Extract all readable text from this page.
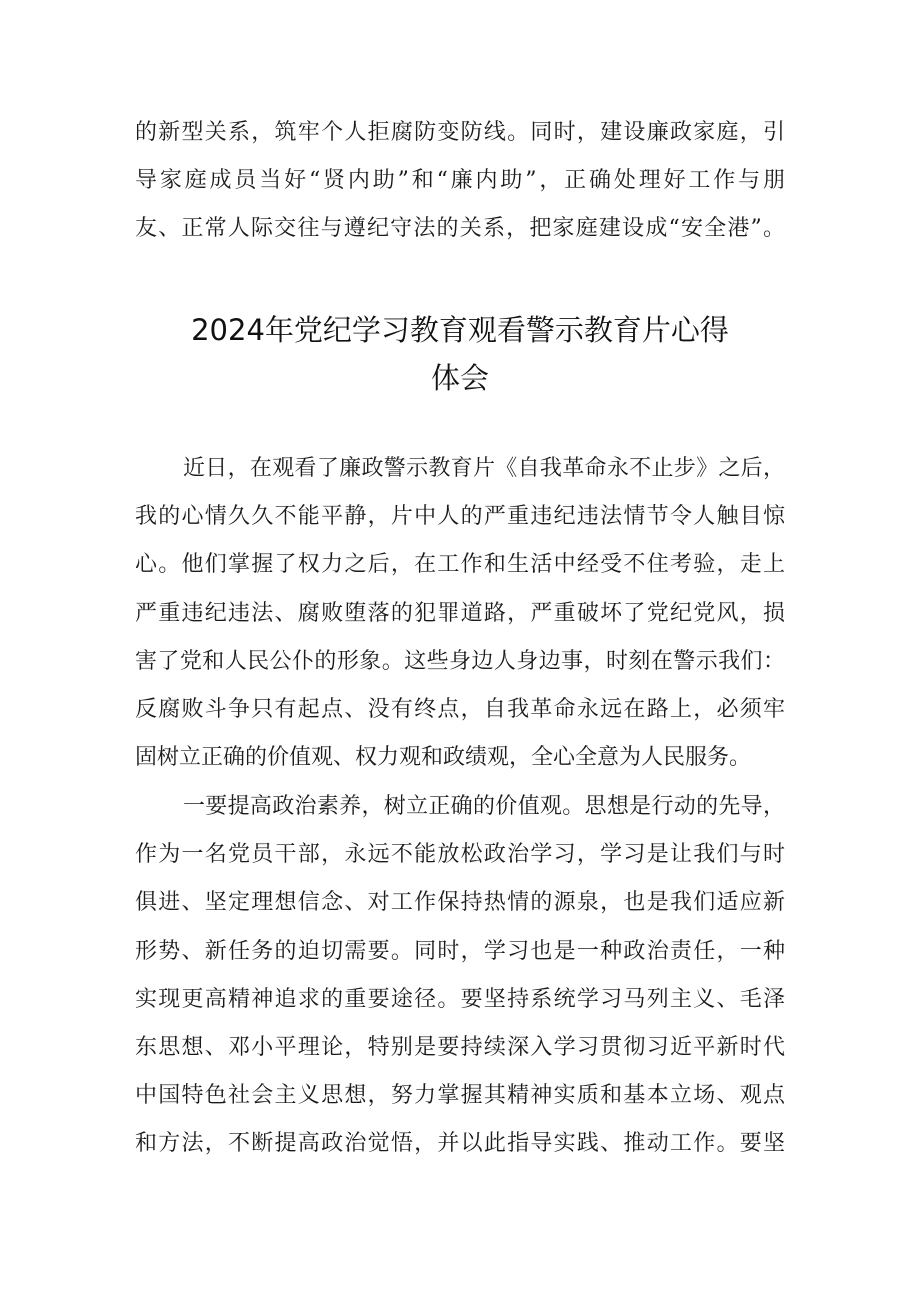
的新型关系，筑牢个人拒腐防变防线。同时，建设廉政家庭，引
导家庭成员当好“贤内助”和“廉内助”，正确处理好工作与朋
友、正常人际交往与遵纪守法的关系，把家庭建设成“安全港”。
2024年党纪学习教育观看警示教育片心得
体会
近日，在观看了廉政警示教育片《自我革命永不止步》之后，
我的心情久久不能平静，片中人的严重违纪违法情节令人触目惊
心。他们掌握了权力之后，在工作和生活中经受不住考验，走上
严重违纪违法、腐败堕落的犯罪道路，严重破坏了党纪党风，损
害了党和人民公仆的形象。这些身边人身边事，时刻在警示我们：
反腐败斗争只有起点、没有终点，自我革命永远在路上，必须牢
固树立正确的价值观、权力观和政绩观，全心全意为人民服务。
一要提高政治素养，树立正确的价值观。思想是行动的先导，
作为一名党员干部，永远不能放松政治学习，学习是让我们与时
俱进、坚定理想信念、对工作保持热情的源泉，也是我们适应新
形势、新任务的迫切需要。同时，学习也是一种政治责任，一种
实现更高精神追求的重要途径。要坚持系统学习马列主义、毛泽
东思想、邓小平理论，特别是要持续深入学习贯彻习近平新时代
中国特色社会主义思想，努力掌握其精神实质和基本立场、观点
和方法，不断提高政治觉悟，并以此指导实践、推动工作。要坚
